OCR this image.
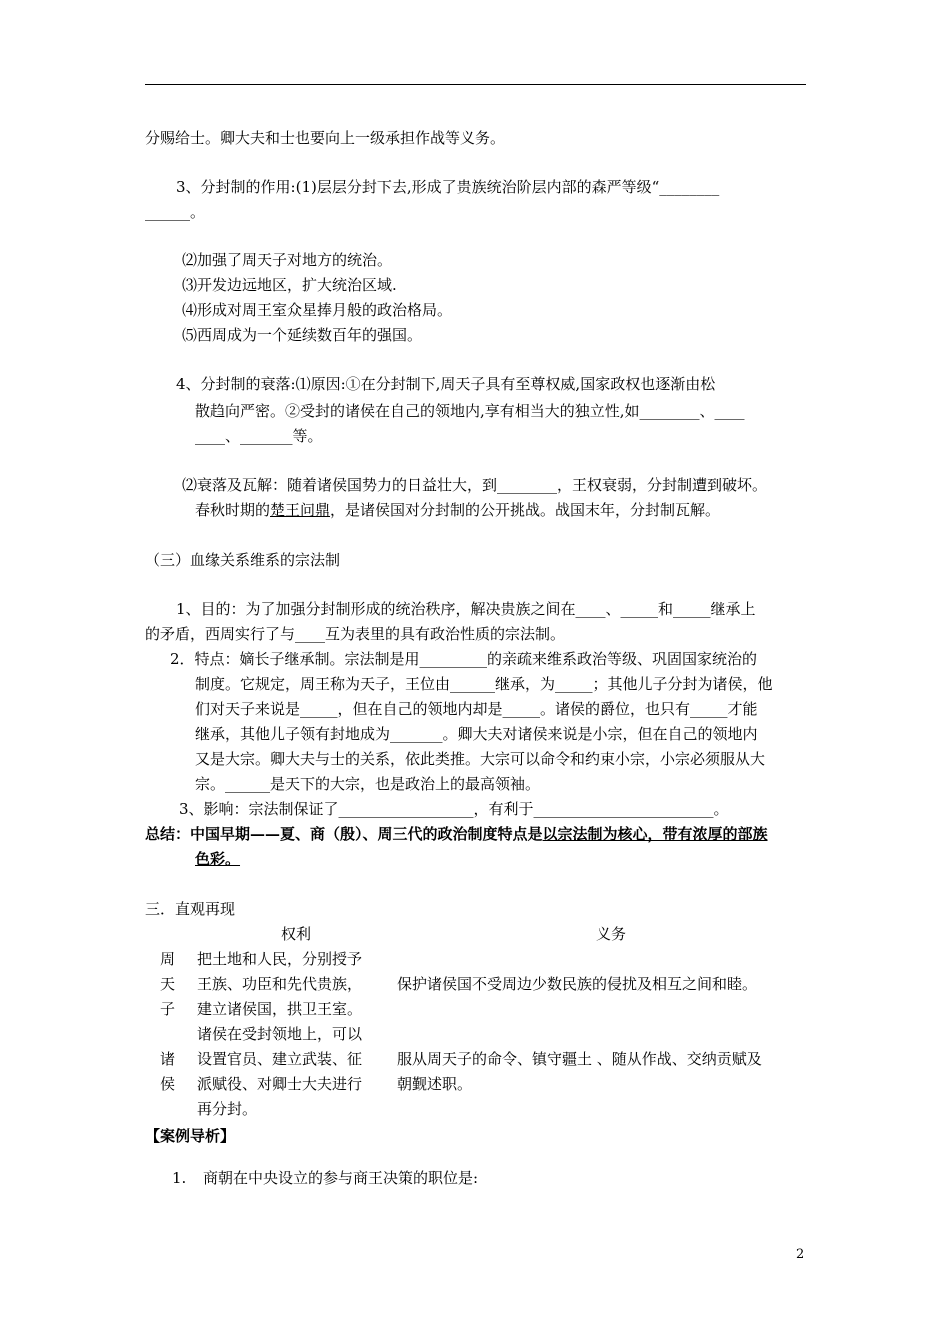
分赐给士。卿大夫和士也要向上一级承担作战等义务。
3、分封制的作用:(1)层层分封下去,形成了贵族统治阶层内部的森严等级“________
______。
⑵加强了周天子对地方的统治。
⑶开发边远地区，扩大统治区域.
⑷形成对周王室众星捧月般的政治格局。
⑸西周成为一个延续数百年的强国。
4、分封制的衰落:⑴原因:①在分封制下,周天子具有至尊权威,国家政权也逐渐由松
散趋向严密。②受封的诸侯在自己的领地内,享有相当大的独立性,如________、____
____、_______等。
⑵衰落及瓦解：随着诸侯国势力的日益壮大，到________，王权衰弱，分封制遭到破坏。
春秋时期的楚王问鼎，是诸侯国对分封制的公开挑战。战国末年，分封制瓦解。
（三）血缘关系维系的宗法制
1、目的：为了加强分封制形成的统治秩序，解决贵族之间在____、_____和_____继承上
的矛盾，西周实行了与____互为表里的具有政治性质的宗法制。
2．特点：嫡长子继承制。宗法制是用_________的亲疏来维系政治等级、巩固国家统治的
制度。它规定，周王称为天子，王位由______继承，为_____；其他儿子分封为诸侯，他
们对天子来说是_____，但在自己的领地内却是_____。诸侯的爵位，也只有_____才能
继承，其他儿子领有封地成为_______。卿大夫对诸侯来说是小宗，但在自己的领地内
又是大宗。卿大夫与士的关系，依此类推。大宗可以命令和约束小宗，小宗必须服从大
宗。______是天下的大宗，也是政治上的最高领袖。
3、影响：宗法制保证了__________________，有利于________________________。
总结：中国早期——夏、商（殷）、周三代的政治制度特点是以宗法制为核心，带有浓厚的部族
色彩。
三．直观再现
权利	义务
周
天
子
把土地和人民，分别授予
王族、功臣和先代贵族，
建立诸侯国，拱卫王室。
保护诸侯国不受周边少数民族的侵扰及相互之间和睦。
诸
侯
诸侯在受封领地上，可以
设置官员、建立武装、征
派赋役、对卿士大夫进行
再分封。
服从周天子的命令、镇守疆土 、随从作战、交纳贡赋及
朝觐述职。
【案例导析】
1. 商朝在中央设立的参与商王决策的职位是:
2
